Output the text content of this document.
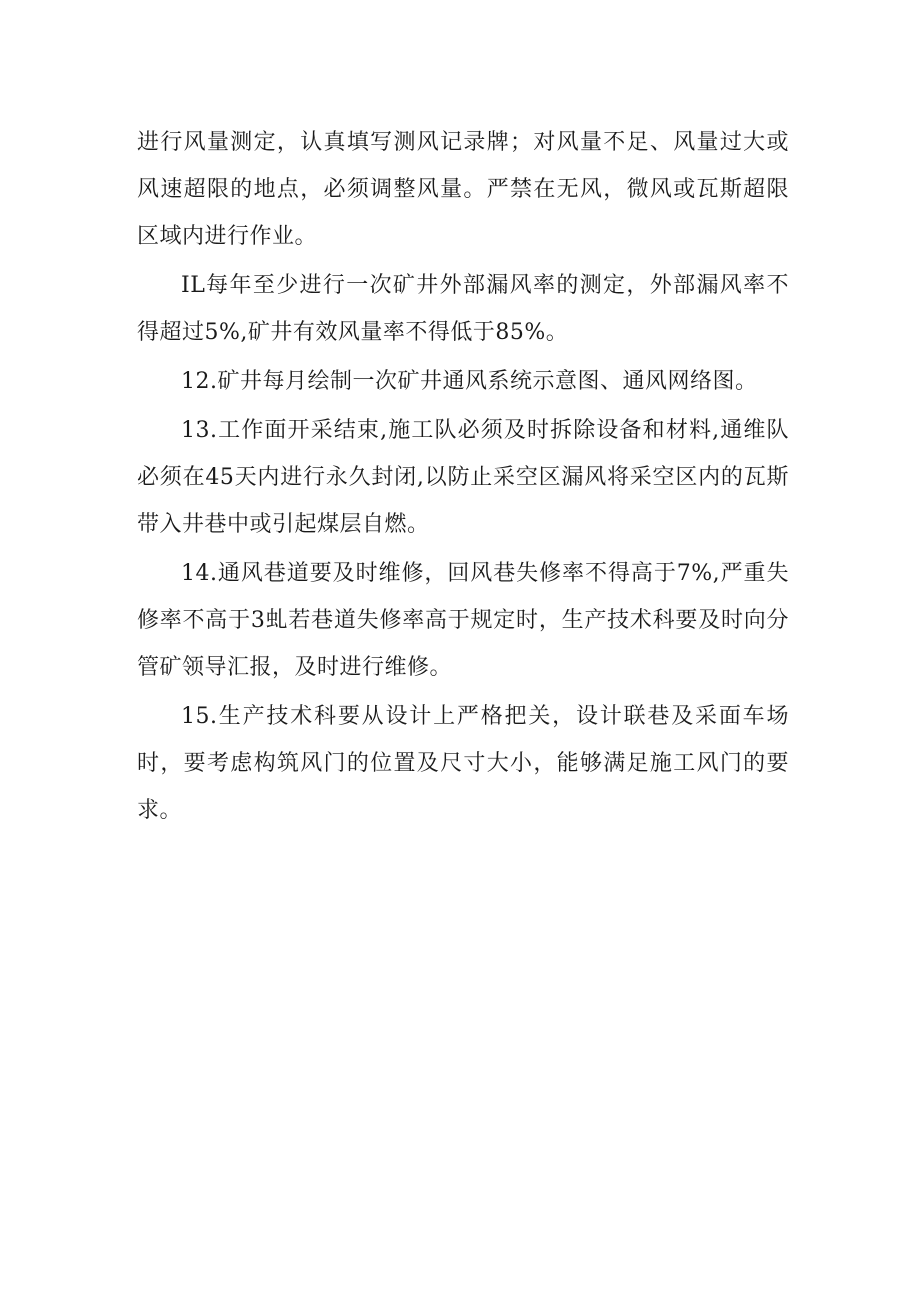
进行风量测定，认真填写测风记录牌；对风量不足、风量过大或风速超限的地点，必须调整风量。严禁在无风，微风或瓦斯超限区域内进行作业。

IL每年至少进行一次矿井外部漏风率的测定，外部漏风率不得超过5%,矿井有效风量率不得低于85%。

12.矿井每月绘制一次矿井通风系统示意图、通风网络图。

13.工作面开采结束,施工队必须及时拆除设备和材料,通维队必须在45天内进行永久封闭,以防止采空区漏风将采空区内的瓦斯带入井巷中或引起煤层自燃。

14.通风巷道要及时维修，回风巷失修率不得高于7%,严重失修率不高于3虬若巷道失修率高于规定时，生产技术科要及时向分管矿领导汇报，及时进行维修。

15.生产技术科要从设计上严格把关，设计联巷及采面车场时，要考虑构筑风门的位置及尺寸大小，能够满足施工风门的要求。
